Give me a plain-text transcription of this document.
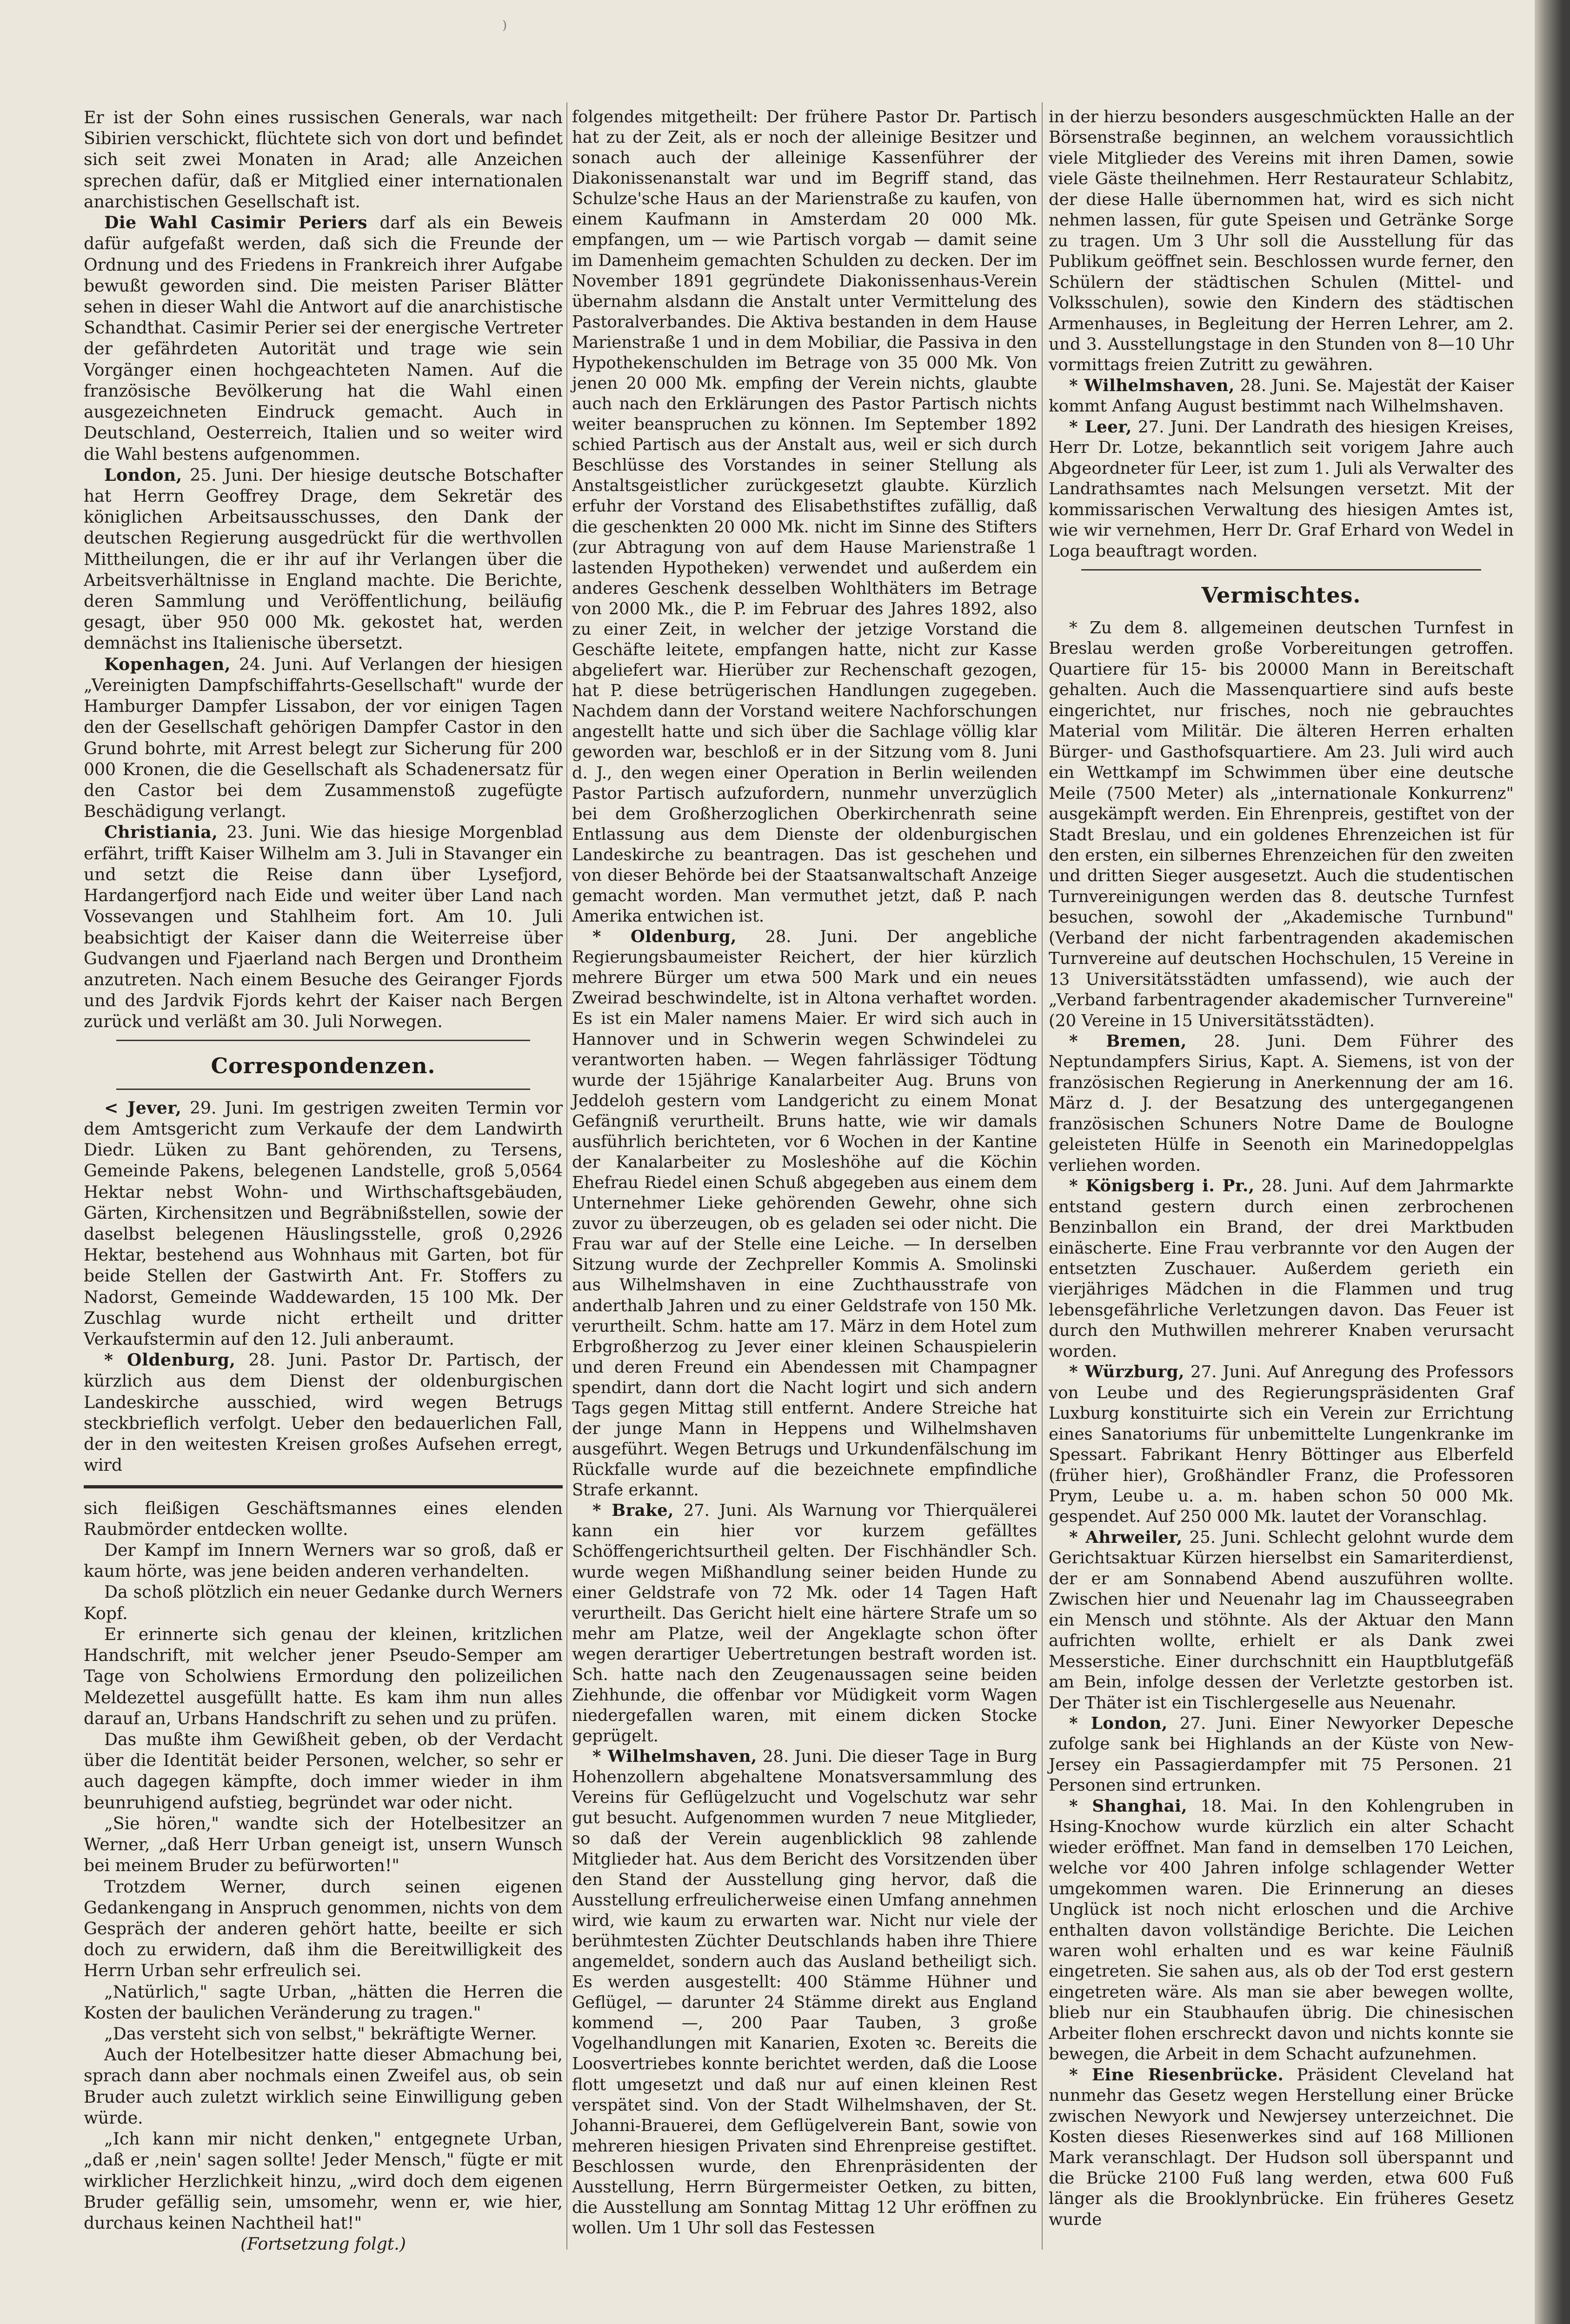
)

Er ist der Sohn eines russischen Generals, war nach Sibirien verschickt, flüchtete sich von dort und befindet sich seit zwei Monaten in Arad; alle Anzeichen sprechen dafür, daß er Mitglied einer internationalen anarchistischen Gesellschaft ist.

Die Wahl Casimir Periers darf als ein Beweis dafür aufgefaßt werden, daß sich die Freunde der Ordnung und des Friedens in Frankreich ihrer Aufgabe bewußt geworden sind. Die meisten Pariser Blätter sehen in dieser Wahl die Antwort auf die anarchistische Schandthat. Casimir Perier sei der energische Vertreter der gefährdeten Autorität und trage wie sein Vorgänger einen hochgeachteten Namen. Auf die französische Bevölkerung hat die Wahl einen ausgezeichneten Eindruck gemacht. Auch in Deutschland, Oesterreich, Italien und so weiter wird die Wahl bestens aufgenommen.

London, 25. Juni. Der hiesige deutsche Botschafter hat Herrn Geoffrey Drage, dem Sekretär des königlichen Arbeitsausschusses, den Dank der deutschen Regierung ausgedrückt für die werthvollen Mittheilungen, die er ihr auf ihr Verlangen über die Arbeitsverhältnisse in England machte. Die Berichte, deren Sammlung und Veröffentlichung, beiläufig gesagt, über 950 000 Mk. gekostet hat, werden demnächst ins Italienische übersetzt.

Kopenhagen, 24. Juni. Auf Verlangen der hiesigen „Vereinigten Dampfschiffahrts-Gesellschaft" wurde der Hamburger Dampfer Lissabon, der vor einigen Tagen den der Gesellschaft gehörigen Dampfer Castor in den Grund bohrte, mit Arrest belegt zur Sicherung für 200 000 Kronen, die die Gesellschaft als Schadenersatz für den Castor bei dem Zusammenstoß zugefügte Beschädigung verlangt.

Christiania, 23. Juni. Wie das hiesige Morgenblad erfährt, trifft Kaiser Wilhelm am 3. Juli in Stavanger ein und setzt die Reise dann über Lysefjord, Hardangerfjord nach Eide und weiter über Land nach Vossevangen und Stahlheim fort. Am 10. Juli beabsichtigt der Kaiser dann die Weiterreise über Gudvangen und Fjaerland nach Bergen und Drontheim anzutreten. Nach einem Besuche des Geiranger Fjords und des Jardvik Fjords kehrt der Kaiser nach Bergen zurück und verläßt am 30. Juli Norwegen.

Correspondenzen.

< Jever, 29. Juni. Im gestrigen zweiten Termin vor dem Amtsgericht zum Verkaufe der dem Landwirth Diedr. Lüken zu Bant gehörenden, zu Tersens, Gemeinde Pakens, belegenen Landstelle, groß 5,0564 Hektar nebst Wohn- und Wirthschaftsgebäuden, Gärten, Kirchensitzen und Begräbnißstellen, sowie der daselbst belegenen Häuslingsstelle, groß 0,2926 Hektar, bestehend aus Wohnhaus mit Garten, bot für beide Stellen der Gastwirth Ant. Fr. Stoffers zu Nadorst, Gemeinde Waddewarden, 15 100 Mk. Der Zuschlag wurde nicht ertheilt und dritter Verkaufstermin auf den 12. Juli anberaumt.

* Oldenburg, 28. Juni. Pastor Dr. Partisch, der kürzlich aus dem Dienst der oldenburgischen Landeskirche ausschied, wird wegen Betrugs steckbrieflich verfolgt. Ueber den bedauerlichen Fall, der in den weitesten Kreisen großes Aufsehen erregt, wird

sich fleißigen Geschäftsmannes eines elenden Raubmörder entdecken wollte.

Der Kampf im Innern Werners war so groß, daß er kaum hörte, was jene beiden anderen verhandelten.

Da schoß plötzlich ein neuer Gedanke durch Werners Kopf.

Er erinnerte sich genau der kleinen, kritzlichen Handschrift, mit welcher jener Pseudo-Semper am Tage von Scholwiens Ermordung den polizeilichen Meldezettel ausgefüllt hatte. Es kam ihm nun alles darauf an, Urbans Handschrift zu sehen und zu prüfen.

Das mußte ihm Gewißheit geben, ob der Verdacht über die Identität beider Personen, welcher, so sehr er auch dagegen kämpfte, doch immer wieder in ihm beunruhigend aufstieg, begründet war oder nicht.

„Sie hören," wandte sich der Hotelbesitzer an Werner, „daß Herr Urban geneigt ist, unsern Wunsch bei meinem Bruder zu befürworten!"

Trotzdem Werner, durch seinen eigenen Gedankengang in Anspruch genommen, nichts von dem Gespräch der anderen gehört hatte, beeilte er sich doch zu erwidern, daß ihm die Bereitwilligkeit des Herrn Urban sehr erfreulich sei.

„Natürlich," sagte Urban, „hätten die Herren die Kosten der baulichen Veränderung zu tragen."

„Das versteht sich von selbst," bekräftigte Werner.

Auch der Hotelbesitzer hatte dieser Abmachung bei, sprach dann aber nochmals einen Zweifel aus, ob sein Bruder auch zuletzt wirklich seine Einwilligung geben würde.

„Ich kann mir nicht denken," entgegnete Urban, „daß er ‚nein' sagen sollte! Jeder Mensch," fügte er mit wirklicher Herzlichkeit hinzu, „wird doch dem eigenen Bruder gefällig sein, umsomehr, wenn er, wie hier, durchaus keinen Nachtheil hat!"

(Fortsetzung folgt.)

folgendes mitgetheilt: Der frühere Pastor Dr. Partisch hat zu der Zeit, als er noch der alleinige Besitzer und sonach auch der alleinige Kassenführer der Diakonissenanstalt war und im Begriff stand, das Schulze'sche Haus an der Marienstraße zu kaufen, von einem Kaufmann in Amsterdam 20 000 Mk. empfangen, um — wie Partisch vorgab — damit seine im Damenheim gemachten Schulden zu decken. Der im November 1891 gegründete Diakonissenhaus-Verein übernahm alsdann die Anstalt unter Vermittelung des Pastoralverbandes. Die Aktiva bestanden in dem Hause Marienstraße 1 und in dem Mobiliar, die Passiva in den Hypothekenschulden im Betrage von 35 000 Mk. Von jenen 20 000 Mk. empfing der Verein nichts, glaubte auch nach den Erklärungen des Pastor Partisch nichts weiter beanspruchen zu können. Im September 1892 schied Partisch aus der Anstalt aus, weil er sich durch Beschlüsse des Vorstandes in seiner Stellung als Anstaltsgeistlicher zurückgesetzt glaubte. Kürzlich erfuhr der Vorstand des Elisabethstiftes zufällig, daß die geschenkten 20 000 Mk. nicht im Sinne des Stifters (zur Abtragung von auf dem Hause Marienstraße 1 lastenden Hypotheken) verwendet und außerdem ein anderes Geschenk desselben Wohlthäters im Betrage von 2000 Mk., die P. im Februar des Jahres 1892, also zu einer Zeit, in welcher der jetzige Vorstand die Geschäfte leitete, empfangen hatte, nicht zur Kasse abgeliefert war. Hierüber zur Rechenschaft gezogen, hat P. diese betrügerischen Handlungen zugegeben. Nachdem dann der Vorstand weitere Nachforschungen angestellt hatte und sich über die Sachlage völlig klar geworden war, beschloß er in der Sitzung vom 8. Juni d. J., den wegen einer Operation in Berlin weilenden Pastor Partisch aufzufordern, nunmehr unverzüglich bei dem Großherzoglichen Oberkirchenrath seine Entlassung aus dem Dienste der oldenburgischen Landeskirche zu beantragen. Das ist geschehen und von dieser Behörde bei der Staatsanwaltschaft Anzeige gemacht worden. Man vermuthet jetzt, daß P. nach Amerika entwichen ist.

* Oldenburg, 28. Juni. Der angebliche Regierungsbaumeister Reichert, der hier kürzlich mehrere Bürger um etwa 500 Mark und ein neues Zweirad beschwindelte, ist in Altona verhaftet worden. Es ist ein Maler namens Maier. Er wird sich auch in Hannover und in Schwerin wegen Schwindelei zu verantworten haben. — Wegen fahrlässiger Tödtung wurde der 15jährige Kanalarbeiter Aug. Bruns von Jeddeloh gestern vom Landgericht zu einem Monat Gefängniß verurtheilt. Bruns hatte, wie wir damals ausführlich berichteten, vor 6 Wochen in der Kantine der Kanalarbeiter zu Mosleshöhe auf die Köchin Ehefrau Riedel einen Schuß abgegeben aus einem dem Unternehmer Lieke gehörenden Gewehr, ohne sich zuvor zu überzeugen, ob es geladen sei oder nicht. Die Frau war auf der Stelle eine Leiche. — In derselben Sitzung wurde der Zechpreller Kommis A. Smolinski aus Wilhelmshaven in eine Zuchthausstrafe von anderthalb Jahren und zu einer Geldstrafe von 150 Mk. verurtheilt. Schm. hatte am 17. März in dem Hotel zum Erbgroßherzog zu Jever einer kleinen Schauspielerin und deren Freund ein Abendessen mit Champagner spendirt, dann dort die Nacht logirt und sich andern Tags gegen Mittag still entfernt. Andere Streiche hat der junge Mann in Heppens und Wilhelmshaven ausgeführt. Wegen Betrugs und Urkundenfälschung im Rückfalle wurde auf die bezeichnete empfindliche Strafe erkannt.

* Brake, 27. Juni. Als Warnung vor Thierquälerei kann ein hier vor kurzem gefälltes Schöffengerichtsurtheil gelten. Der Fischhändler Sch. wurde wegen Mißhandlung seiner beiden Hunde zu einer Geldstrafe von 72 Mk. oder 14 Tagen Haft verurtheilt. Das Gericht hielt eine härtere Strafe um so mehr am Platze, weil der Angeklagte schon öfter wegen derartiger Uebertretungen bestraft worden ist. Sch. hatte nach den Zeugenaussagen seine beiden Ziehhunde, die offenbar vor Müdigkeit vorm Wagen niedergefallen waren, mit einem dicken Stocke geprügelt.

* Wilhelmshaven, 28. Juni. Die dieser Tage in Burg Hohenzollern abgehaltene Monatsversammlung des Vereins für Geflügelzucht und Vogelschutz war sehr gut besucht. Aufgenommen wurden 7 neue Mitglieder, so daß der Verein augenblicklich 98 zahlende Mitglieder hat. Aus dem Bericht des Vorsitzenden über den Stand der Ausstellung ging hervor, daß die Ausstellung erfreulicherweise einen Umfang annehmen wird, wie kaum zu erwarten war. Nicht nur viele der berühmtesten Züchter Deutschlands haben ihre Thiere angemeldet, sondern auch das Ausland betheiligt sich. Es werden ausgestellt: 400 Stämme Hühner und Geflügel, — darunter 24 Stämme direkt aus England kommend —, 200 Paar Tauben, 3 große Vogelhandlungen mit Kanarien, Exoten ꝛc. Bereits die Loosvertriebes konnte berichtet werden, daß die Loose flott umgesetzt und daß nur auf einen kleinen Rest verspätet sind. Von der Stadt Wilhelmshaven, der St. Johanni-Brauerei, dem Geflügelverein Bant, sowie von mehreren hiesigen Privaten sind Ehrenpreise gestiftet. Beschlossen wurde, den Ehrenpräsidenten der Ausstellung, Herrn Bürgermeister Oetken, zu bitten, die Ausstellung am Sonntag Mittag 12 Uhr eröffnen zu wollen. Um 1 Uhr soll das Festessen

in der hierzu besonders ausgeschmückten Halle an der Börsenstraße beginnen, an welchem voraussichtlich viele Mitglieder des Vereins mit ihren Damen, sowie viele Gäste theilnehmen. Herr Restaurateur Schlabitz, der diese Halle übernommen hat, wird es sich nicht nehmen lassen, für gute Speisen und Getränke Sorge zu tragen. Um 3 Uhr soll die Ausstellung für das Publikum geöffnet sein. Beschlossen wurde ferner, den Schülern der städtischen Schulen (Mittel- und Volksschulen), sowie den Kindern des städtischen Armenhauses, in Begleitung der Herren Lehrer, am 2. und 3. Ausstellungstage in den Stunden von 8—10 Uhr vormittags freien Zutritt zu gewähren.

* Wilhelmshaven, 28. Juni. Se. Majestät der Kaiser kommt Anfang August bestimmt nach Wilhelmshaven.

* Leer, 27. Juni. Der Landrath des hiesigen Kreises, Herr Dr. Lotze, bekanntlich seit vorigem Jahre auch Abgeordneter für Leer, ist zum 1. Juli als Verwalter des Landrathsamtes nach Melsungen versetzt. Mit der kommissarischen Verwaltung des hiesigen Amtes ist, wie wir vernehmen, Herr Dr. Graf Erhard von Wedel in Loga beauftragt worden.

Vermischtes.

* Zu dem 8. allgemeinen deutschen Turnfest in Breslau werden große Vorbereitungen getroffen. Quartiere für 15- bis 20000 Mann in Bereitschaft gehalten. Auch die Massenquartiere sind aufs beste eingerichtet, nur frisches, noch nie gebrauchtes Material vom Militär. Die älteren Herren erhalten Bürger- und Gasthofsquartiere. Am 23. Juli wird auch ein Wettkampf im Schwimmen über eine deutsche Meile (7500 Meter) als „internationale Konkurrenz" ausgekämpft werden. Ein Ehrenpreis, gestiftet von der Stadt Breslau, und ein goldenes Ehrenzeichen ist für den ersten, ein silbernes Ehrenzeichen für den zweiten und dritten Sieger ausgesetzt. Auch die studentischen Turnvereinigungen werden das 8. deutsche Turnfest besuchen, sowohl der „Akademische Turnbund" (Verband der nicht farbentragenden akademischen Turnvereine auf deutschen Hochschulen, 15 Vereine in 13 Universitätsstädten umfassend), wie auch der „Verband farbentragender akademischer Turnvereine" (20 Vereine in 15 Universitätsstädten).

* Bremen, 28. Juni. Dem Führer des Neptundampfers Sirius, Kapt. A. Siemens, ist von der französischen Regierung in Anerkennung der am 16. März d. J. der Besatzung des untergegangenen französischen Schuners Notre Dame de Boulogne geleisteten Hülfe in Seenoth ein Marinedoppelglas verliehen worden.

* Königsberg i. Pr., 28. Juni. Auf dem Jahrmarkte entstand gestern durch einen zerbrochenen Benzinballon ein Brand, der drei Marktbuden einäscherte. Eine Frau verbrannte vor den Augen der entsetzten Zuschauer. Außerdem gerieth ein vierjähriges Mädchen in die Flammen und trug lebensgefährliche Verletzungen davon. Das Feuer ist durch den Muthwillen mehrerer Knaben verursacht worden.

* Würzburg, 27. Juni. Auf Anregung des Professors von Leube und des Regierungspräsidenten Graf Luxburg konstituirte sich ein Verein zur Errichtung eines Sanatoriums für unbemittelte Lungenkranke im Spessart. Fabrikant Henry Böttinger aus Elberfeld (früher hier), Großhändler Franz, die Professoren Prym, Leube u. a. m. haben schon 50 000 Mk. gespendet. Auf 250 000 Mk. lautet der Voranschlag.

* Ahrweiler, 25. Juni. Schlecht gelohnt wurde dem Gerichtsaktuar Kürzen hierselbst ein Samariterdienst, der er am Sonnabend Abend auszuführen wollte. Zwischen hier und Neuenahr lag im Chausseegraben ein Mensch und stöhnte. Als der Aktuar den Mann aufrichten wollte, erhielt er als Dank zwei Messerstiche. Einer durchschnitt ein Hauptblutgefäß am Bein, infolge dessen der Verletzte gestorben ist. Der Thäter ist ein Tischlergeselle aus Neuenahr.

* London, 27. Juni. Einer Newyorker Depesche zufolge sank bei Highlands an der Küste von New-Jersey ein Passagierdampfer mit 75 Personen. 21 Personen sind ertrunken.

* Shanghai, 18. Mai. In den Kohlengruben in Hsing-Knochow wurde kürzlich ein alter Schacht wieder eröffnet. Man fand in demselben 170 Leichen, welche vor 400 Jahren infolge schlagender Wetter umgekommen waren. Die Erinnerung an dieses Unglück ist noch nicht erloschen und die Archive enthalten davon vollständige Berichte. Die Leichen waren wohl erhalten und es war keine Fäulniß eingetreten. Sie sahen aus, als ob der Tod erst gestern eingetreten wäre. Als man sie aber bewegen wollte, blieb nur ein Staubhaufen übrig. Die chinesischen Arbeiter flohen erschreckt davon und nichts konnte sie bewegen, die Arbeit in dem Schacht aufzunehmen.

* Eine Riesenbrücke. Präsident Cleveland hat nunmehr das Gesetz wegen Herstellung einer Brücke zwischen Newyork und Newjersey unterzeichnet. Die Kosten dieses Riesenwerkes sind auf 168 Millionen Mark veranschlagt. Der Hudson soll überspannt und die Brücke 2100 Fuß lang werden, etwa 600 Fuß länger als die Brooklynbrücke. Ein früheres Gesetz wurde
